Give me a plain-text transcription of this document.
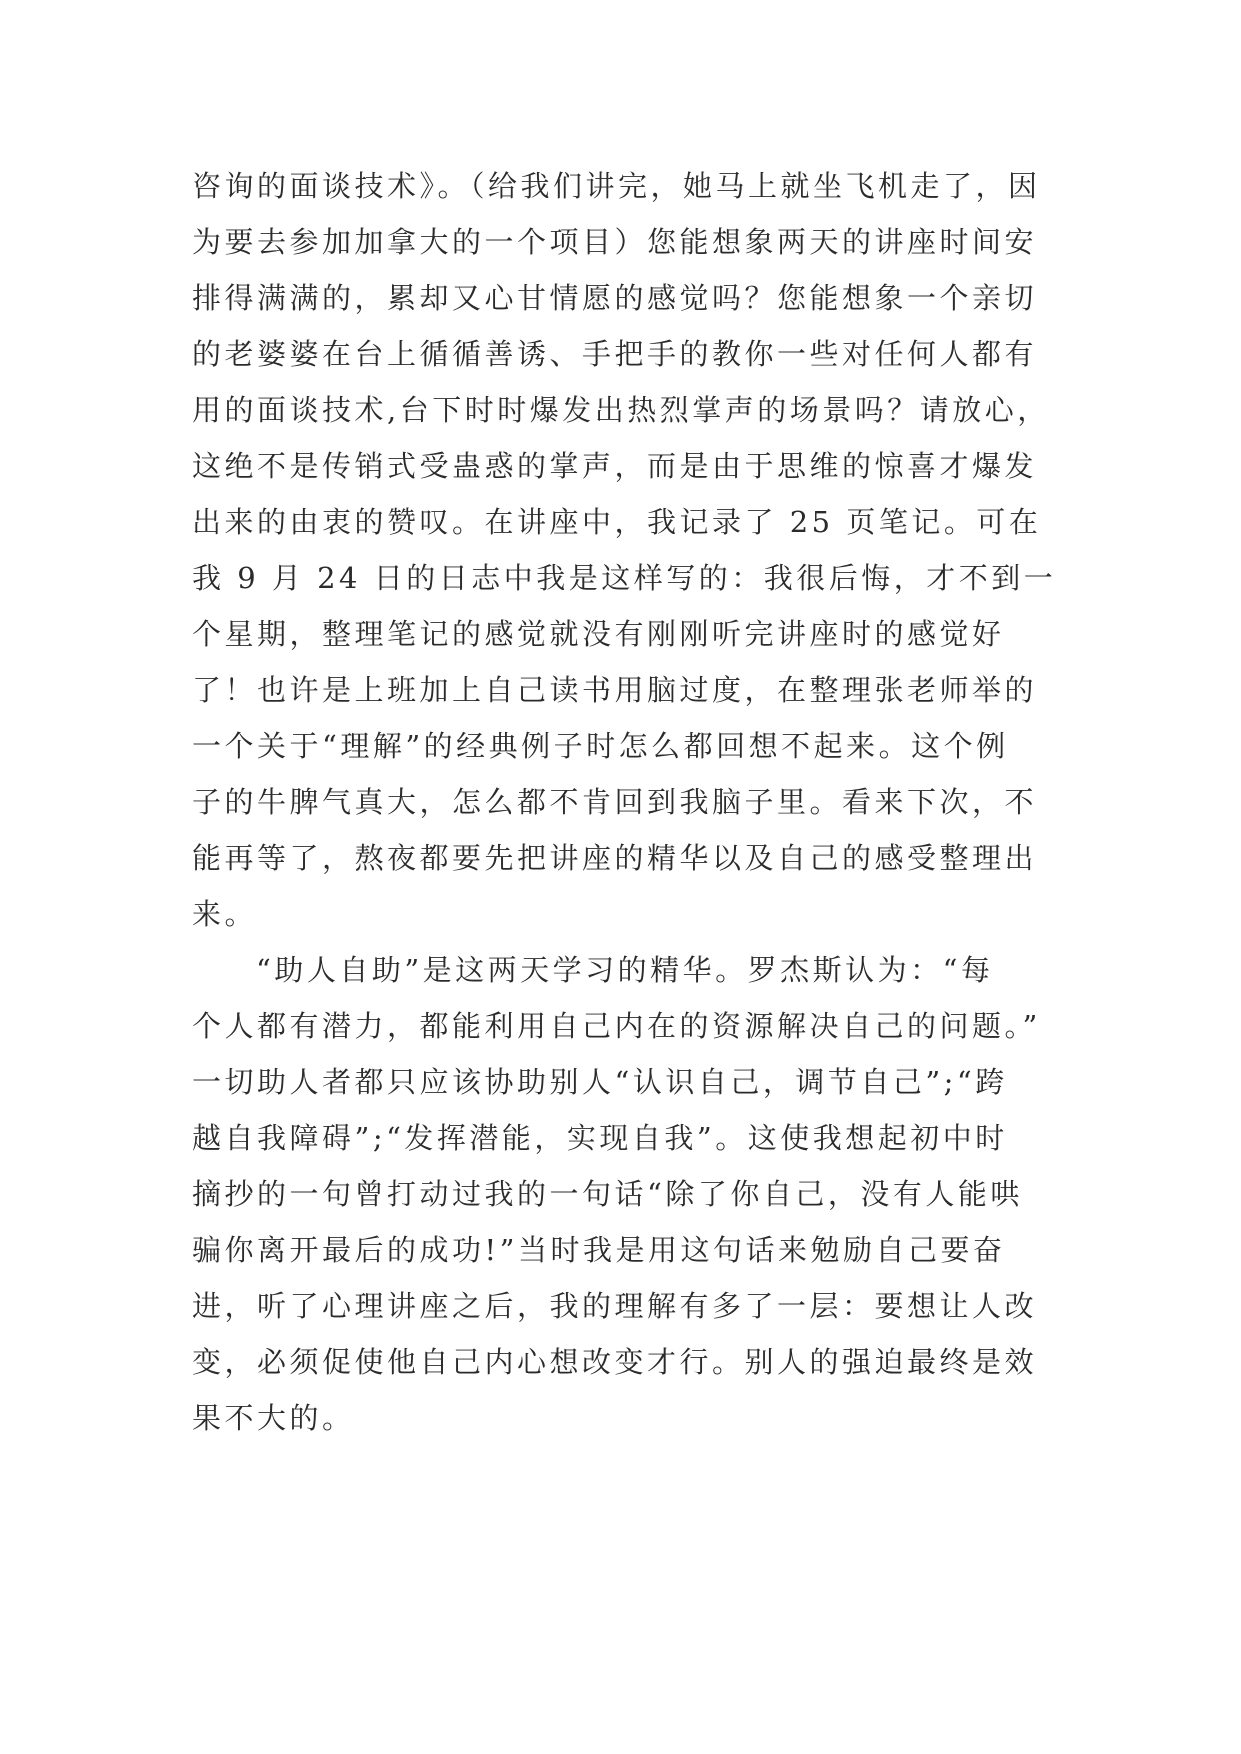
咨询的面谈技术》。（给我们讲完，她马上就坐飞机走了，因
为要去参加加拿大的一个项目）您能想象两天的讲座时间安
排得满满的，累却又心甘情愿的感觉吗？您能想象一个亲切
的老婆婆在台上循循善诱、手把手的教你一些对任何人都有
用的面谈技术,台下时时爆发出热烈掌声的场景吗？请放心，
这绝不是传销式受蛊惑的掌声，而是由于思维的惊喜才爆发
出来的由衷的赞叹。在讲座中，我记录了 25 页笔记。可在
我 9 月 24 日的日志中我是这样写的：我很后悔，才不到一
个星期，整理笔记的感觉就没有刚刚听完讲座时的感觉好
了！也许是上班加上自己读书用脑过度，在整理张老师举的
一个关于“理解”的经典例子时怎么都回想不起来。这个例
子的牛脾气真大，怎么都不肯回到我脑子里。看来下次，不
能再等了，熬夜都要先把讲座的精华以及自己的感受整理出
来。
“助人自助”是这两天学习的精华。罗杰斯认为：“每
个人都有潜力，都能利用自己内在的资源解决自己的问题。”
一切助人者都只应该协助别人“认识自己，调节自己”;“跨
越自我障碍”;“发挥潜能，实现自我”。这使我想起初中时
摘抄的一句曾打动过我的一句话“除了你自己，没有人能哄
骗你离开最后的成功!”当时我是用这句话来勉励自己要奋
进，听了心理讲座之后，我的理解有多了一层：要想让人改
变，必须促使他自己内心想改变才行。别人的强迫最终是效
果不大的。
